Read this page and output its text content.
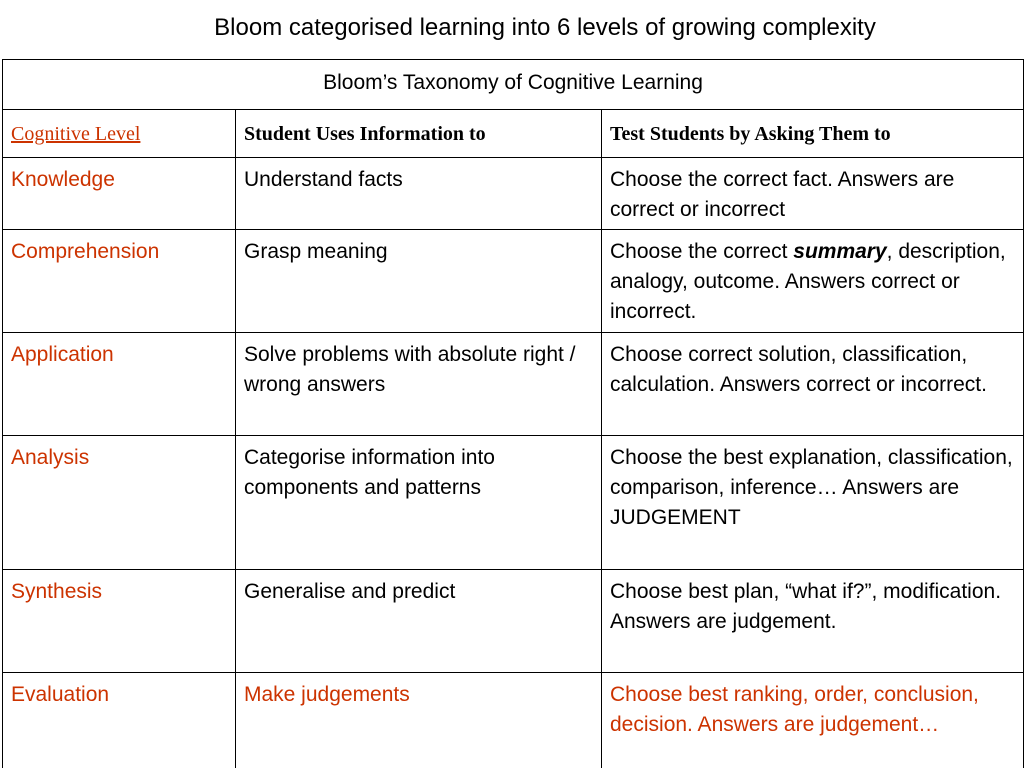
Bloom categorised learning into 6 levels of growing complexity
Bloom’s Taxonomy of Cognitive Learning		
Cognitive Level	Student Uses Information to	Test Students by Asking Them to
Knowledge	Understand facts	Choose the correct fact. Answers are correct or incorrect
Comprehension	Grasp meaning	Choose the correct summary, description, analogy, outcome. Answers correct or incorrect.
Application	Solve problems with absolute right / wrong answers	Choose correct solution, classification, calculation. Answers correct or incorrect.
Analysis	Categorise information into components and patterns	Choose the best explanation, classification, comparison, inference… Answers are JUDGEMENT
Synthesis	Generalise and predict	Choose best plan, “what if?”, modification. Answers are judgement.
Evaluation	Make judgements	Choose best ranking, order, conclusion, decision. Answers are judgement…
